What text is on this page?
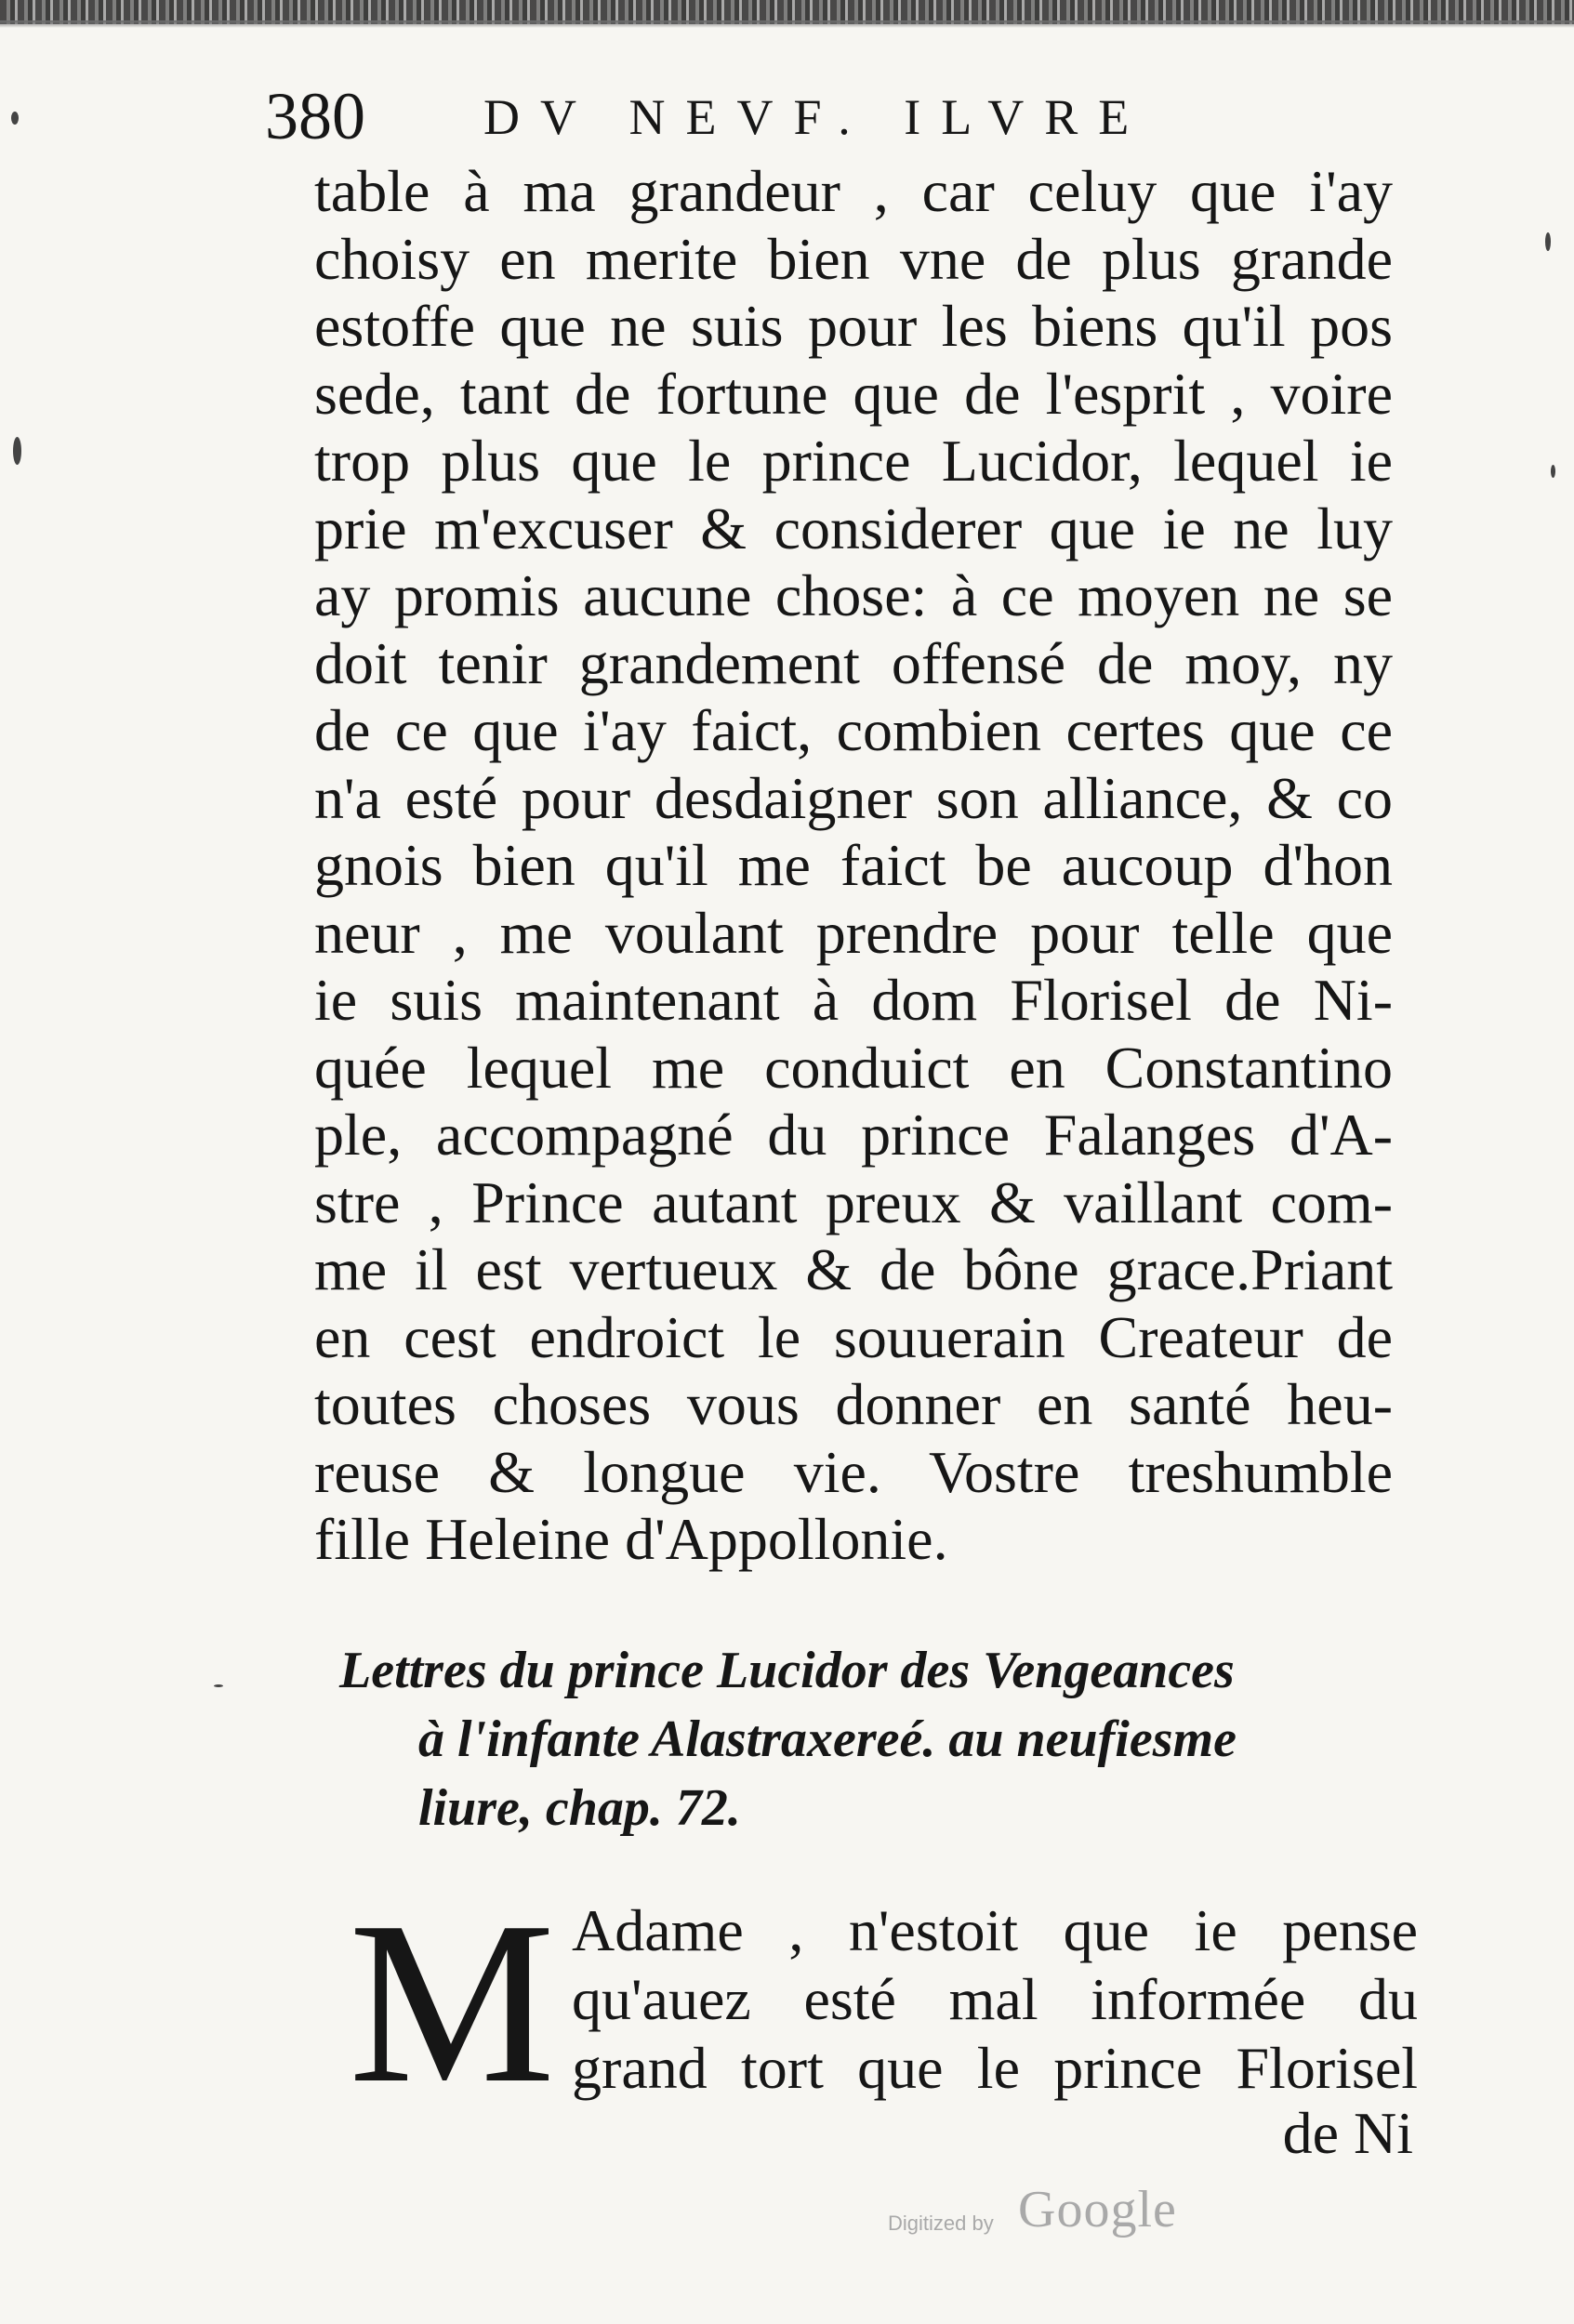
380 DV NEVF. ILVRE
table à ma grandeur , car celuy que i'ay
choisy en merite bien vne de plus grande
estoffe que ne suis pour les biens qu'il pos
sede, tant de fortune que de l'esprit , voire
trop plus que le prince Lucidor, lequel ie
prie m'excuser & considerer que ie ne luy
ay promis aucune chose: à ce moyen ne se
doit tenir grandement offensé de moy, ny
de ce que i'ay faict, combien certes que ce
n'a esté pour desdaigner son alliance, & co
gnois bien qu'il me faict be aucoup d'hon
neur , me voulant prendre pour telle que
ie suis maintenant à dom Florisel de Ni-
quée lequel me conduict en Constantino
ple, accompagné du prince Falanges d'A-
stre , Prince autant preux & vaillant com-
me il est vertueux & de bône grace.Priant
en cest endroict le souuerain Createur de
toutes choses vous donner en santé heu-
reuse & longue vie. Vostre treshumble
fille Heleine d'Appollonie.
Lettres du prince Lucidor des Vengeances
à l'infante Alastraxereé. au neufiesme
liure, chap. 72.
M Adame , n'estoit que ie pense
qu'auez esté mal informée du
grand tort que le prince Florisel
de Ni
Digitized by Google
